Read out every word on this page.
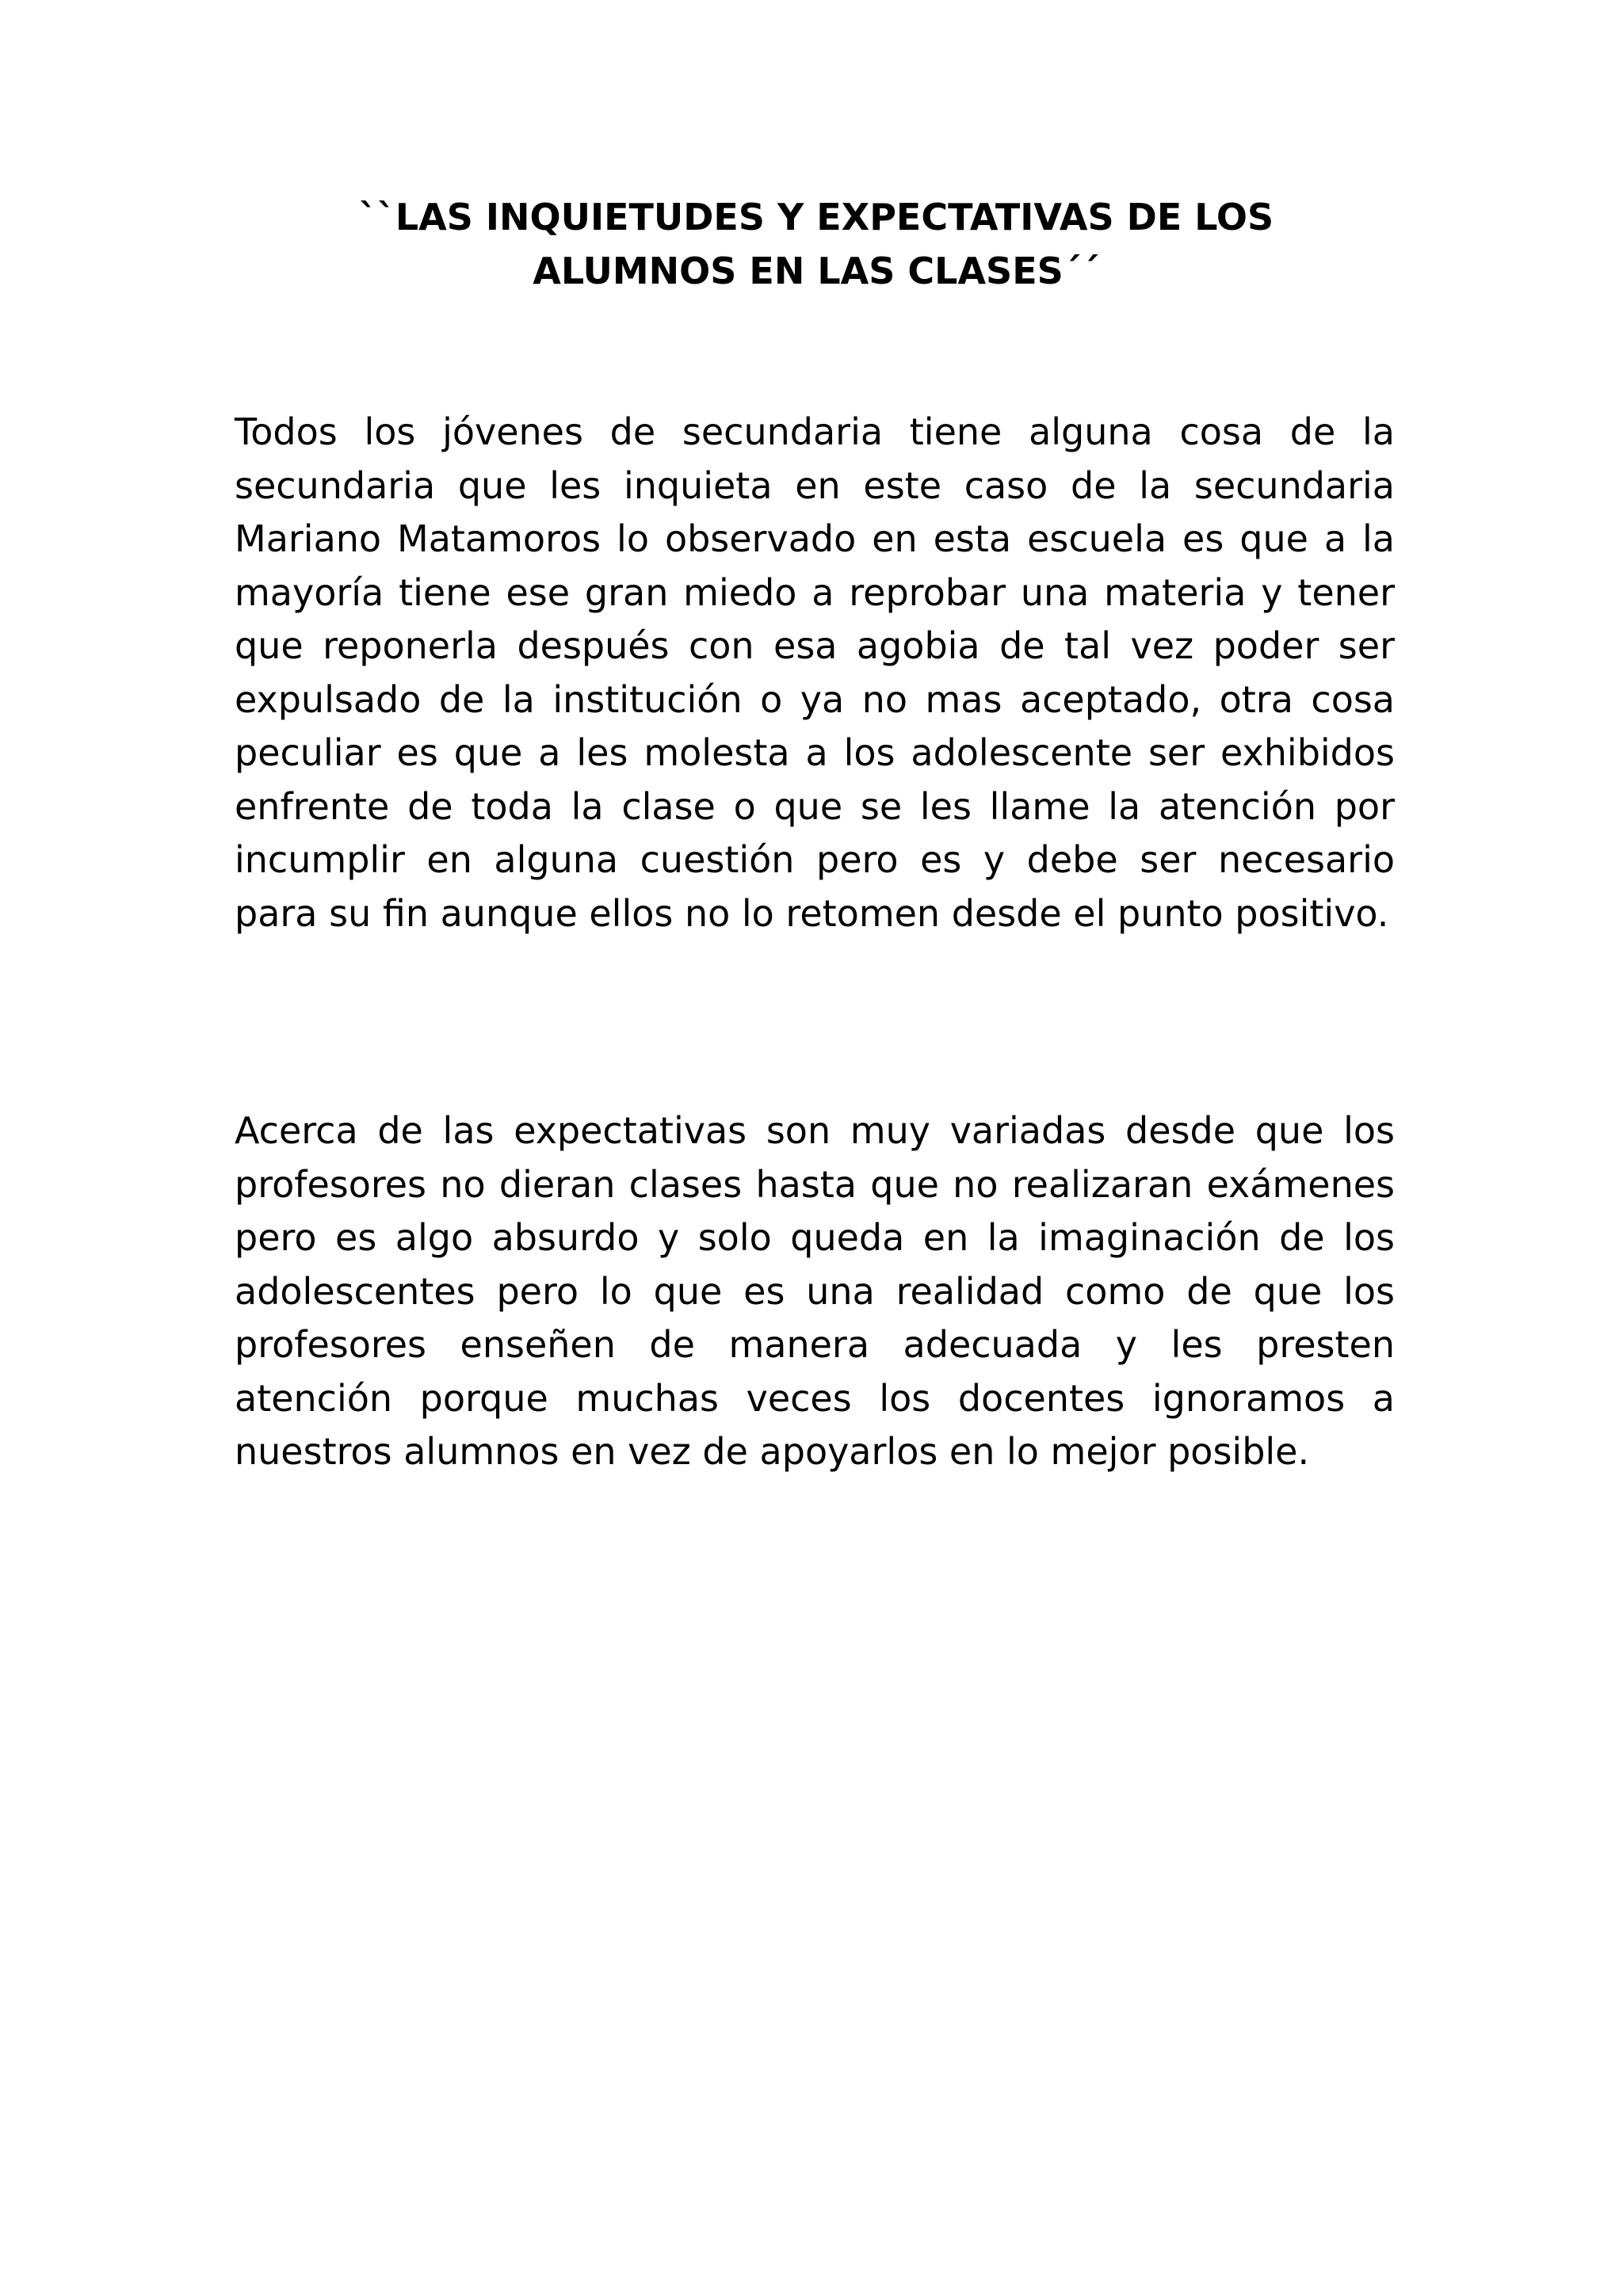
``LAS INQUIETUDES Y EXPECTATIVAS DE LOS
ALUMNOS EN LAS CLASES´´

Todos los jóvenes de secundaria tiene alguna cosa de la secundaria que les inquieta en este caso de la secundaria Mariano Matamoros lo observado en esta escuela es que a la mayoría tiene ese gran miedo a reprobar una materia y tener que reponerla después con esa agobia de tal vez poder ser expulsado de la institución o ya no mas aceptado, otra cosa peculiar es que a les molesta a los adolescente ser exhibidos enfrente de toda la clase o que se les llame la atención por incumplir en alguna cuestión pero es y debe ser necesario para su fin aunque ellos no lo retomen desde el punto positivo.

Acerca de las expectativas son muy variadas desde que los profesores no dieran clases hasta que no realizaran exámenes pero es algo absurdo y solo queda en la imaginación de los adolescentes pero lo que es una realidad como de que los profesores enseñen de manera adecuada y les presten atención porque muchas veces los docentes ignoramos a nuestros alumnos en vez de apoyarlos en lo mejor posible.
